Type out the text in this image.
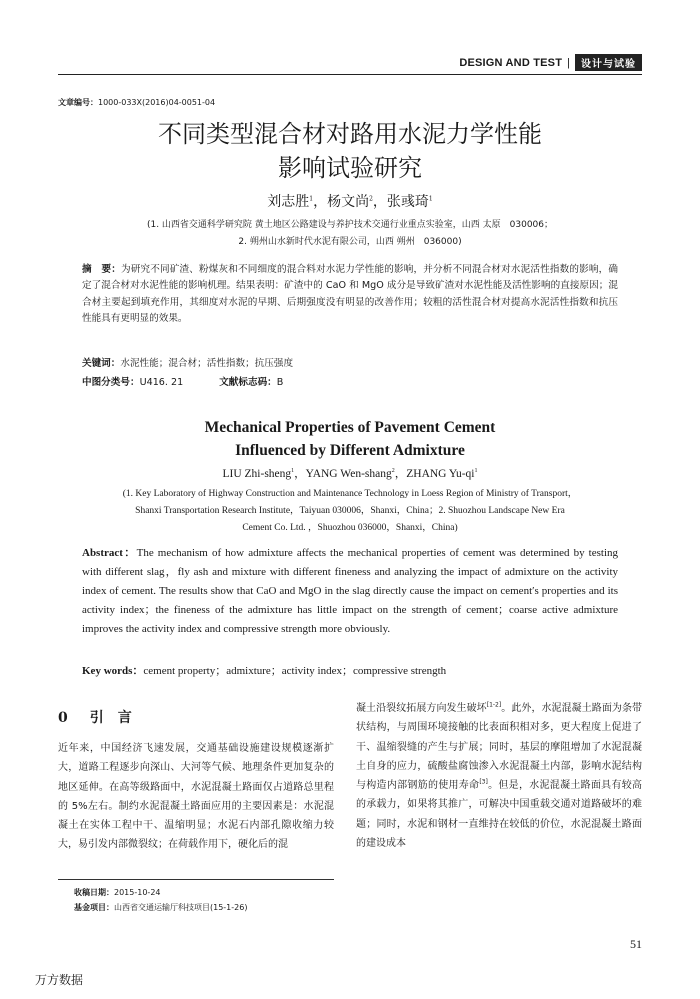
DESIGN AND TEST |	设计与试验
文章编号：1000-033X(2016)04-0051-04
不同类型混合材对路用水泥力学性能
影响试验研究
刘志胜$^1$，杨文尚$^2$，张彧琦$^1$
(1. 山西省交通科学研究院 黄土地区公路建设与养护技术交通行业重点实验室，山西 太原　030006；
2. 朔州山水新时代水泥有限公司，山西 朔州　036000)
摘　要：为研究不同矿渣、粉煤灰和不同细度的混合料对水泥力学性能的影响，并分析不同混合材对水泥活性指数的影响，确定了混合材对水泥性能的影响机理。结果表明：矿渣中的 CaO 和 MgO 成分是导致矿渣对水泥性能及活性影响的直接原因；混合材主要起到填充作用，其细度对水泥的早期、后期强度没有明显的改善作用；较粗的活性混合材对提高水泥活性指数和抗压性能具有更明显的效果。
关键词：水泥性能；混合材；活性指数；抗压强度
中图分类号：U416. 21	文献标志码：B
Mechanical Properties of Pavement Cement
Influenced by Different Admixture
LIU Zhi-sheng$^1$，YANG Wen-shang$^2$，ZHANG $Yu-qi^1$
(1. Key Laboratory of Highway Construction and Maintenance Technology in Loess Region of Ministry of Transport，
Shanxi Transportation Research Institute，Taiyuan 030006，Shanxi，China；2. Shuozhou Landscape New Era
Cement Co. Ltd. ，Shuozhou 036000，Shanxi，China)
Abstract：The mechanism of how admixture affects the mechanical properties of cement was determined by testing with different slag，fly ash and mixture with different fineness and analyzing the impact of admixture on the activity index of cement. The results show that CaO and MgO in the slag directly cause the impact on cement′s properties and its activity index；the fineness of the admixture has little impact on the strength of cement；coarse active admixture improves the activity index and compressive strength more obviously.
Key words：cement property；admixture；activity index；compressive strength
0 引　言
近年来，中国经济飞速发展，交通基础设施建设规模逐渐扩大，道路工程逐步向深山、大河等气候、地理条件更加复杂的地区延伸。在高等级路面中，水泥混凝土路面仅占道路总里程的 5%左右。制约水泥混凝土路面应用的主要因素是：水泥混凝土在实体工程中干、温缩明显；水泥石内部孔隙收缩力较大，易引发内部微裂纹；在荷载作用下，硬化后的混
凝土沿裂纹拓展方向发生破坏[1-2]。此外，水泥混凝土路面为条带状结构，与周围环境接触的比表面积相对多，更大程度上促进了干、温缩裂缝的产生与扩展；同时，基层的摩阻增加了水泥混凝土自身的应力，硫酸盐腐蚀渗入水泥混凝土内部，影响水泥结构与构造内部钢筋的使用寿命[3]。但是，水泥混凝土路面具有较高的承载力，如果将其推广，可解决中国重载交通对道路破坏的难题；同时，水泥和钢材一直维持在较低的价位，水泥混凝土路面的建设成本
收稿日期：2015-10-24
基金项目：山西省交通运输厅科技项目(15-1-26)
51
万方数据
